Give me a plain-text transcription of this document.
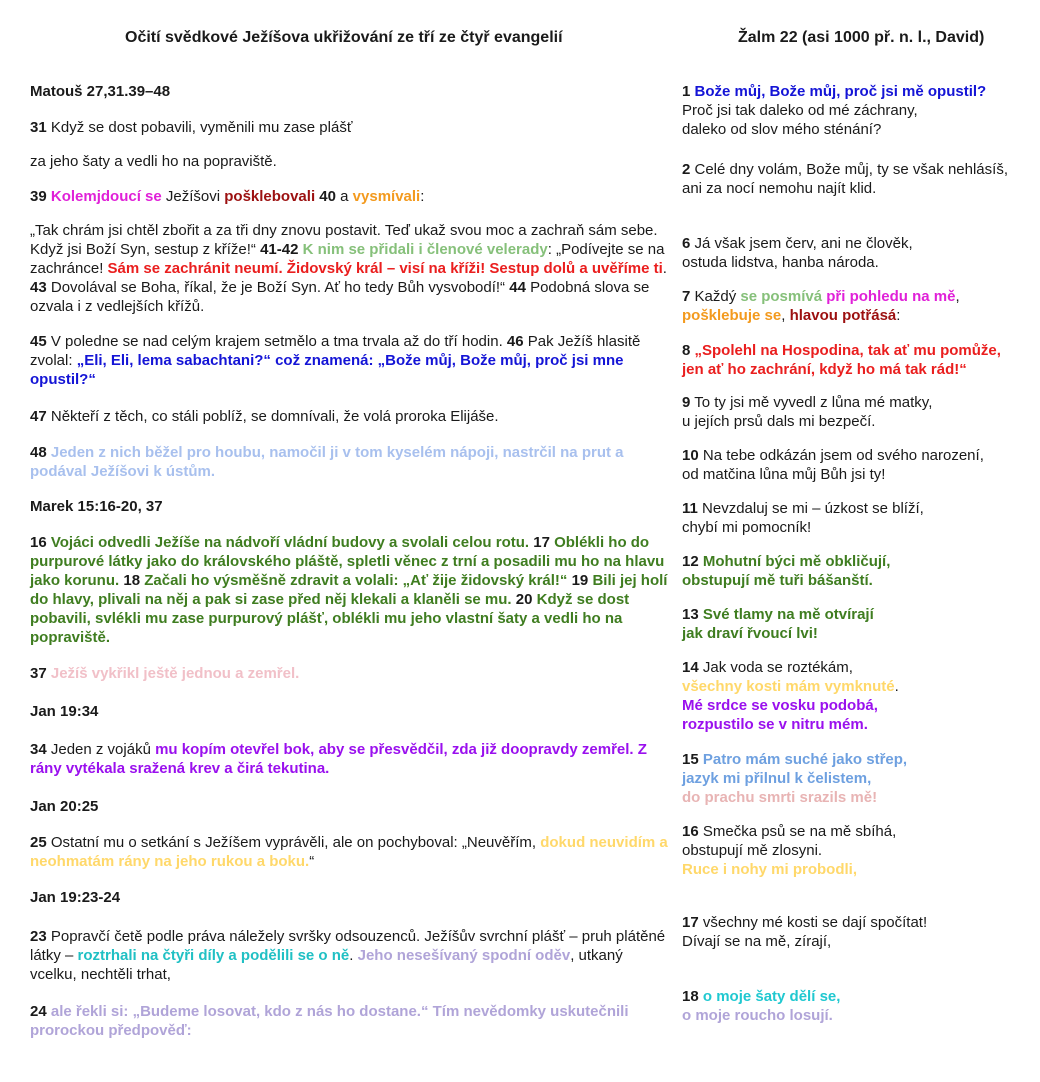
Očití svědkové Ježíšova ukřižování ze tří ze čtyř evangelií	Žalm 22 (asi 1000 př. n. l., David)

Matouš 27,31.39–48

31 Když se dost pobavili, vyměnili mu zase plášť

za jeho šaty a vedli ho na popraviště.

39 Kolemjdoucí se Ježíšovi pošklebovali 40 a vysmívali:

„Tak chrám jsi chtěl zbořit a za tři dny znovu postavit. Teď ukaž svou moc a zachraň sám sebe. Když jsi Boží Syn, sestup z kříže!“ 41-42 K nim se přidali i členové velerady: „Podívejte se na zachránce! Sám se zachránit neumí. Židovský král – visí na kříži! Sestup dolů a uvěříme ti. 43 Dovolával se Boha, říkal, že je Boží Syn. Ať ho tedy Bůh vysvobodí!“ 44 Podobná slova se ozvala i z vedlejších křížů.

45 V poledne se nad celým krajem setmělo a tma trvala až do tří hodin. 46 Pak Ježíš hlasitě zvolal: „Eli, Eli, lema sabachtani?“ což znamená: „Bože můj, Bože můj, proč jsi mne opustil?“

47 Někteří z těch, co stáli poblíž, se domnívali, že volá proroka Elijáše.

48 Jeden z nich běžel pro houbu, namočil ji v tom kyselém nápoji, nastrčil na prut a podával Ježíšovi k ústům.

Marek 15:16-20, 37

16 Vojáci odvedli Ježíše na nádvoří vládní budovy a svolali celou rotu. 17 Oblékli ho do purpurové látky jako do královského pláště, spletli věnec z trní a posadili mu ho na hlavu jako korunu. 18 Začali ho výsměšně zdravit a volali: „Ať žije židovský král!“ 19 Bili jej holí do hlavy, plivali na něj a pak si zase před něj klekali a klaněli se mu. 20 Když se dost pobavili, svlékli mu zase purpurový plášť, oblékli mu jeho vlastní šaty a vedli ho na popraviště.

37 Ježíš vykřikl ještě jednou a zemřel.

Jan 19:34

34 Jeden z vojáků mu kopím otevřel bok, aby se přesvědčil, zda již doopravdy zemřel. Z rány vytékala sražená krev a čirá tekutina.

Jan 20:25

25 Ostatní mu o setkání s Ježíšem vyprávěli, ale on pochyboval: „Neuvěřím, dokud neuvidím a neohmatám rány na jeho rukou a boku.“

Jan 19:23-24

23 Popravčí četě podle práva náležely svršky odsouzenců. Ježíšův svrchní plášť – pruh plátěné látky – roztrhali na čtyři díly a podělili se o ně. Jeho nesešívaný spodní oděv, utkaný vcelku, nechtěli trhat,

24 ale řekli si: „Budeme losovat, kdo z nás ho dostane.“ Tím nevědomky uskutečnili prorockou předpověď:

1 Bože můj, Bože můj, proč jsi mě opustil?
Proč jsi tak daleko od mé záchrany,
daleko od slov mého sténání?

2 Celé dny volám, Bože můj, ty se však nehlásíš,
ani za nocí nemohu najít klid.

6 Já však jsem červ, ani ne člověk,
ostuda lidstva, hanba národa.

7 Každý se posmívá při pohledu na mě,
pošklebuje se, hlavou potřásá:

8 „Spolehl na Hospodina, tak ať mu pomůže,
jen ať ho zachrání, když ho má tak rád!“

9 To ty jsi mě vyvedl z lůna mé matky,
u jejích prsů dals mi bezpečí.

10 Na tebe odkázán jsem od svého narození,
od matčina lůna můj Bůh jsi ty!

11 Nevzdaluj se mi – úzkost se blíží,
chybí mi pomocník!

12 Mohutní býci mě obkličují,
obstupují mě tuři bášanští.

13 Své tlamy na mě otvírají
jak draví řvoucí lvi!

14 Jak voda se roztékám,
všechny kosti mám vymknuté.
Mé srdce se vosku podobá,
rozpustilo se v nitru mém.

15 Patro mám suché jako střep,
jazyk mi přilnul k čelistem,
do prachu smrti srazils mě!

16 Smečka psů se na mě sbíhá,
obstupují mě zlosyni.
Ruce i nohy mi probodli,

17 všechny mé kosti se dají spočítat!
Dívají se na mě, zírají,

18 o moje šaty dělí se,
o moje roucho losují.
